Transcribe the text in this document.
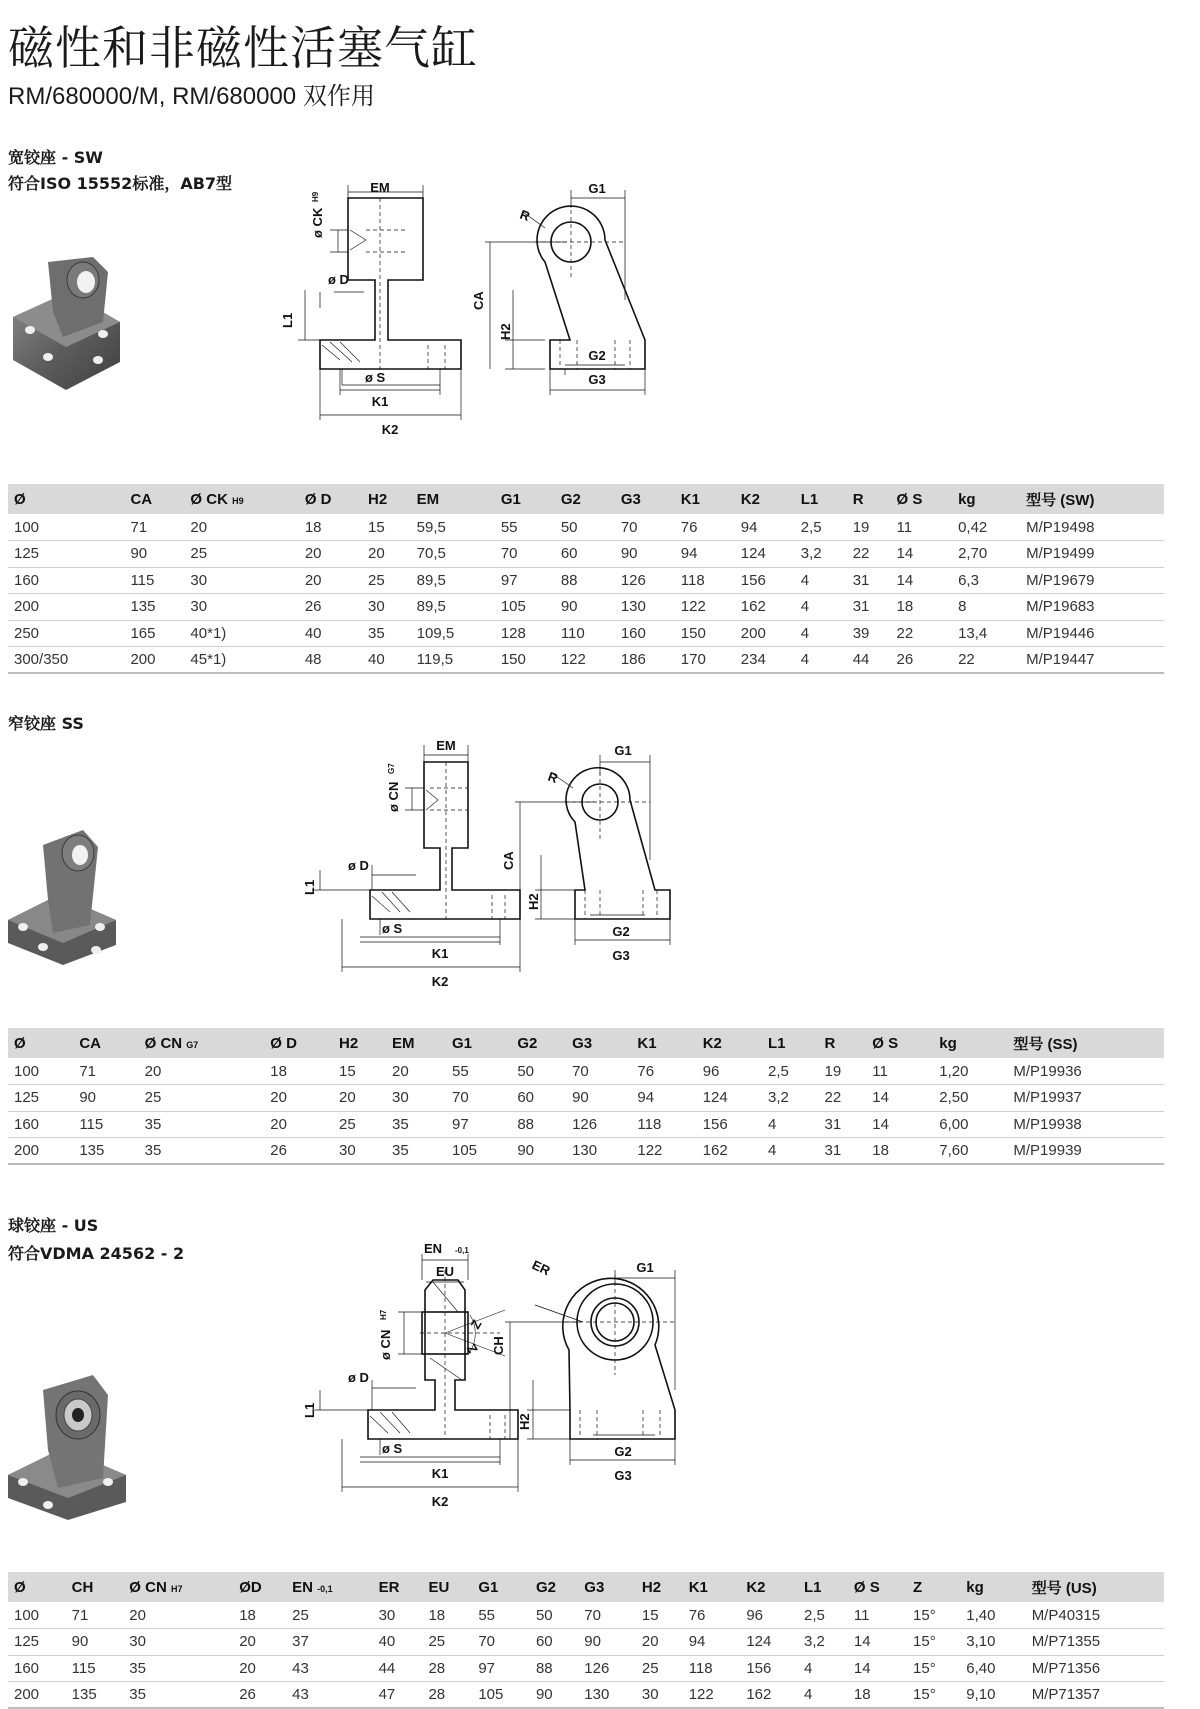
磁性和非磁性活塞气缸
RM/680000/M, RM/680000 双作用
宽铰座 - SW
符合ISO 15552标准，AB7型	EM
ø CK
H9
ø D
L1
ø S
K1
K2
G1
R
CA
H2
G2
G3
Ø	CA	Ø CK H9	Ø D	H2	EM	G1	G2	G3	K1	K2	L1	R	Ø S	kg	型号 (SW)
100	71	20	18	15	59,5	55	50	70	76	94	2,5	19	11	0,42	M/P19498
125	90	25	20	20	70,5	70	60	90	94	124	3,2	22	14	2,70	M/P19499
160	115	30	20	25	89,5	97	88	126	118	156	4	31	14	6,3	M/P19679
200	135	30	26	30	89,5	105	90	130	122	162	4	31	18	8	M/P19683
250	165	40*1)	40	35	109,5	128	110	160	150	200	4	39	22	13,4	M/P19446
300/350	200	45*1)	48	40	119,5	150	122	186	170	234	4	44	26	22	M/P19447
窄铰座 SS
EM
ø CN
G7
ø D
L1
ø S
K1
K2
G1
R
CA
H2
G2
G3
Ø	CA	Ø CN G7	Ø D	H2	EM	G1	G2	G3	K1	K2	L1	R	Ø S	kg	型号 (SS)
100	71	20	18	15	20	55	50	70	76	96	2,5	19	11	1,20	M/P19936
125	90	25	20	20	30	70	60	90	94	124	3,2	22	14	2,50	M/P19937
160	115	35	20	25	35	97	88	126	118	156	4	31	14	6,00	M/P19938
200	135	35	26	30	35	105	90	130	122	162	4	31	18	7,60	M/P19939
球铰座 - US
符合VDMA 24562 - 2	EN -0,1
EU
ø CN
H7
Z
Z
ø D
L1
ø S
K1
K2
G1
ER
CH
H2
G2
G3
Ø	CH	Ø CN H7	ØD	EN -0,1	ER	EU	G1	G2	G3	H2	K1	K2	L1	Ø S	Z	kg	型号 (US)
100	71	20	18	25	30	18	55	50	70	15	76	96	2,5	11	15°	1,40	M/P40315
125	90	30	20	37	40	25	70	60	90	20	94	124	3,2	14	15°	3,10	M/P71355
160	115	35	20	43	44	28	97	88	126	25	118	156	4	14	15°	6,40	M/P71356
200	135	35	26	43	47	28	105	90	130	30	122	162	4	18	15°	9,10	M/P71357
